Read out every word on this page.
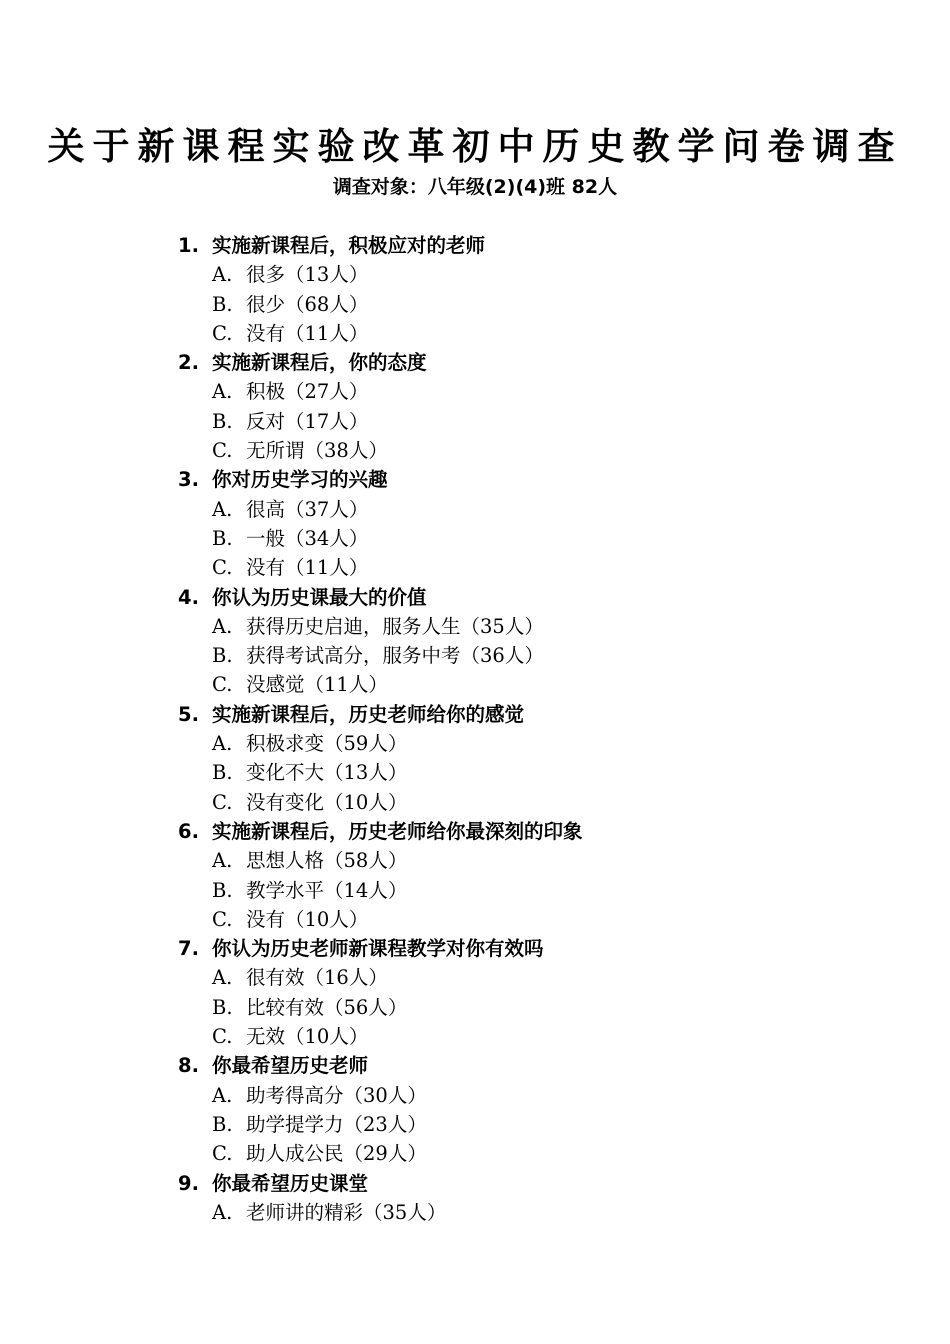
关于新课程实验改革初中历史教学问卷调查
调查对象：八年级(2)(4)班 82人
1. 实施新课程后，积极应对的老师
A. 很多（13人）
B. 很少（68人）
C. 没有（11人）
2. 实施新课程后，你的态度
A. 积极（27人）
B. 反对（17人）
C. 无所谓（38人）
3. 你对历史学习的兴趣
A. 很高（37人）
B. 一般（34人）
C. 没有（11人）
4. 你认为历史课最大的价值
A. 获得历史启迪，服务人生（35人）
B. 获得考试高分，服务中考（36人）
C. 没感觉（11人）
5. 实施新课程后，历史老师给你的感觉
A. 积极求变（59人）
B. 变化不大（13人）
C. 没有变化（10人）
6. 实施新课程后，历史老师给你最深刻的印象
A. 思想人格（58人）
B. 教学水平（14人）
C. 没有（10人）
7. 你认为历史老师新课程教学对你有效吗
A. 很有效（16人）
B. 比较有效（56人）
C. 无效（10人）
8. 你最希望历史老师
A. 助考得高分（30人）
B. 助学提学力（23人）
C. 助人成公民（29人）
9. 你最希望历史课堂
A. 老师讲的精彩（35人）
